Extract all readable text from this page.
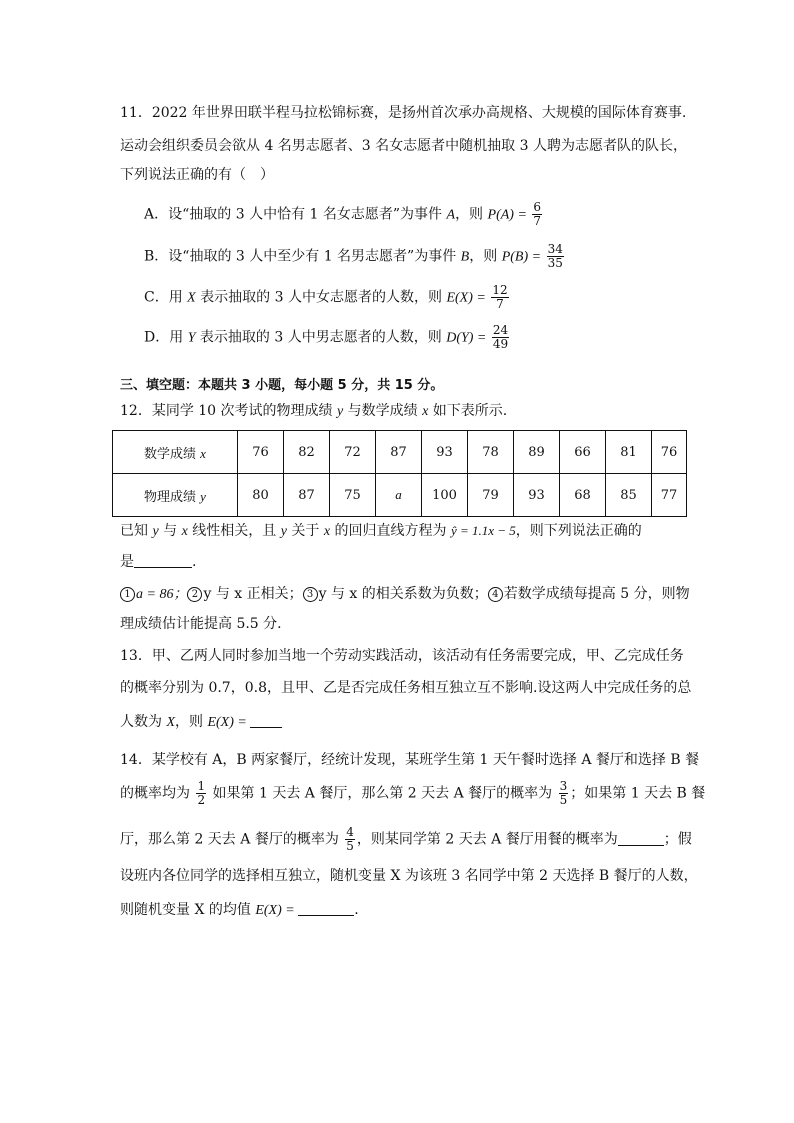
11．2022 年世界田联半程马拉松锦标赛，是扬州首次承办高规格、大规模的国际体育赛事.
运动会组织委员会欲从 4 名男志愿者、3 名女志愿者中随机抽取 3 人聘为志愿者队的队长，
下列说法正确的有（　）
A．设“抽取的 3 人中恰有 1 名女志愿者”为事件 A，则 $P(A) = \frac{6}{7}$
B．设“抽取的 3 人中至少有 1 名男志愿者”为事件 B，则 $P(B) = \frac{34}{35}$
C．用 X 表示抽取的 3 人中女志愿者的人数，则 $E(X) = \frac{12}{7}$
D．用 Y 表示抽取的 3 人中男志愿者的人数，则 $D(Y) = \frac{24}{49}$
三、填空题：本题共 3 小题，每小题 5 分，共 15 分。
12．某同学 10 次考试的物理成绩 y 与数学成绩 x 如下表所示.
数学成绩 x	76	82	72	87	93	78	89	66	81	76
物理成绩 y	80	87	75	a	100	79	93	68	85	77
已知 y 与 x 线性相关，且 y 关于 x 的回归直线方程为 ŷ = 1.1x − 5，则下列说法正确的
是	.
1 a = 86； 2 y 与 x 正相关； 3 y 与 x 的相关系数为负数； 4 若数学成绩每提高 5 分，则物
理成绩估计能提高 5.5 分.
13．甲、乙两人同时参加当地一个劳动实践活动，该活动有任务需要完成，甲、乙完成任务
的概率分别为 0.7，0.8，且甲、乙是否完成任务相互独立互不影响.设这两人中完成任务的总
人数为 X，则 E(X) =
14．某学校有 A，B 两家餐厅，经统计发现，某班学生第 1 天午餐时选择 A 餐厅和选择 B 餐
的概率均为 $\frac{1}{2}$ 如果第 1 天去 A 餐厅，那么第 2 天去 A 餐厅的概率为 $\frac{3}{5}$ ；如果第 1 天去 B 餐
厅，那么第 2 天去 A 餐厅的概率为 $\frac{4}{5}$ ，则某同学第 2 天去 A 餐厅用餐的概率为	；假
设班内各位同学的选择相互独立，随机变量 X 为该班 3 名同学中第 2 天选择 B 餐厅的人数，
则随机变量 X 的均值 E(X) =	.
